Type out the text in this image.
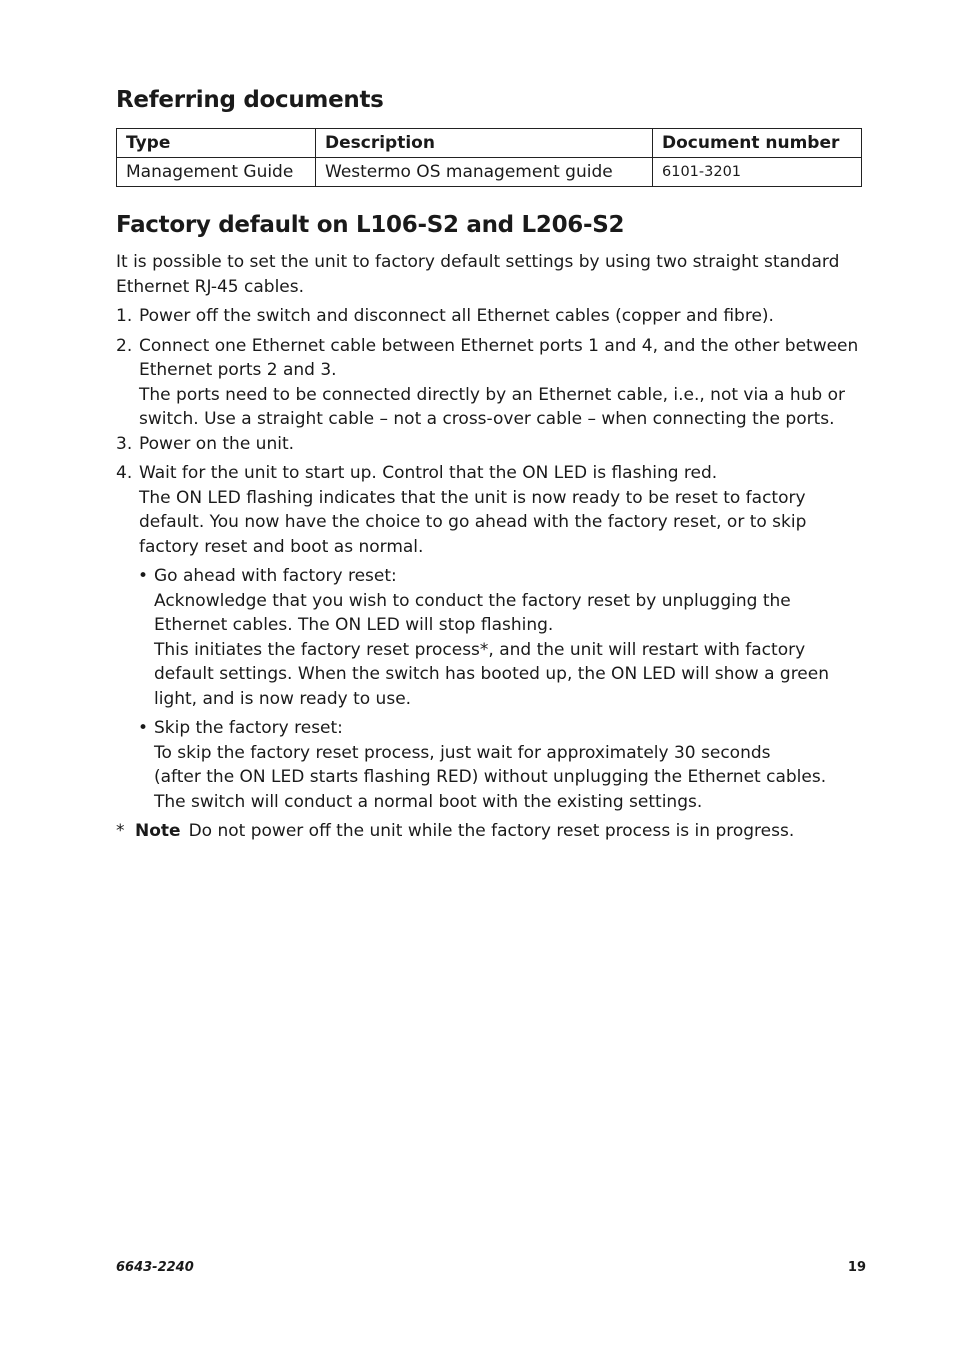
Referring documents
Type	Description	Document number
Management Guide	Westermo OS management guide	6101-3201
Factory default on L106-S2 and L206-S2

It is possible to set the unit to factory default settings by using two straight standard Ethernet RJ-45 cables.

1. Power off the switch and disconnect all Ethernet cables (copper and fibre).

2. Connect one Ethernet cable between Ethernet ports 1 and 4, and the other between Ethernet ports 2 and 3.

The ports need to be connected directly by an Ethernet cable, i.e., not via a hub or switch. Use a straight cable – not a cross-over cable – when connecting the ports.

3. Power on the unit.

4. Wait for the unit to start up. Control that the ON LED is flashing red.

The ON LED flashing indicates that the unit is now ready to be reset to factory default. You now have the choice to go ahead with the factory reset, or to skip factory reset and boot as normal.

• Go ahead with factory reset:

Acknowledge that you wish to conduct the factory reset by unplugging the Ethernet cables. The ON LED will stop flashing.

This initiates the factory reset process*, and the unit will restart with factory default settings. When the switch has booted up, the ON LED will show a green light, and is now ready to use.

• Skip the factory reset:

To skip the factory reset process, just wait for approximately 30 seconds

(after the ON LED starts flashing RED) without unplugging the Ethernet cables.

The switch will conduct a normal boot with the existing settings.

* Note Do not power off the unit while the factory reset process is in progress.
6643-2240	19
